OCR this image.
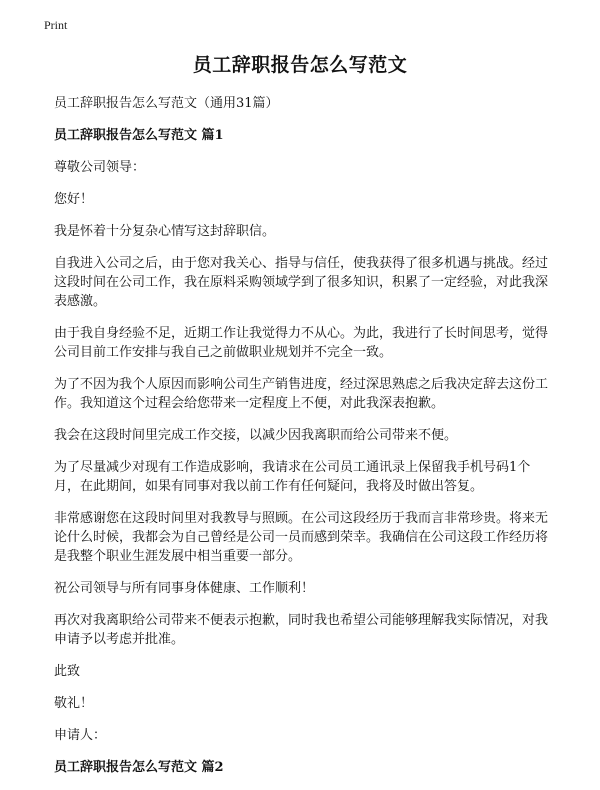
Print
员工辞职报告怎么写范文

员工辞职报告怎么写范文（通用31篇）

员工辞职报告怎么写范文 篇1

尊敬公司领导：

您好！

我是怀着十分复杂心情写这封辞职信。

自我进入公司之后，由于您对我关心、指导与信任，使我获得了很多机遇与挑战。经过这段时间在公司工作，我在原料采购领域学到了很多知识，积累了一定经验，对此我深表感激。

由于我自身经验不足，近期工作让我觉得力不从心。为此，我进行了长时间思考，觉得公司目前工作安排与我自己之前做职业规划并不完全一致。

为了不因为我个人原因而影响公司生产销售进度，经过深思熟虑之后我决定辞去这份工作。我知道这个过程会给您带来一定程度上不便，对此我深表抱歉。

我会在这段时间里完成工作交接，以减少因我离职而给公司带来不便。

为了尽量减少对现有工作造成影响，我请求在公司员工通讯录上保留我手机号码1个月，在此期间，如果有同事对我以前工作有任何疑问，我将及时做出答复。

非常感谢您在这段时间里对我教导与照顾。在公司这段经历于我而言非常珍贵。将来无论什么时候，我都会为自己曾经是公司一员而感到荣幸。我确信在公司这段工作经历将是我整个职业生涯发展中相当重要一部分。

祝公司领导与所有同事身体健康、工作顺利！

再次对我离职给公司带来不便表示抱歉，同时我也希望公司能够理解我实际情况，对我申请予以考虑并批准。

此致

敬礼！

申请人：

员工辞职报告怎么写范文 篇2
